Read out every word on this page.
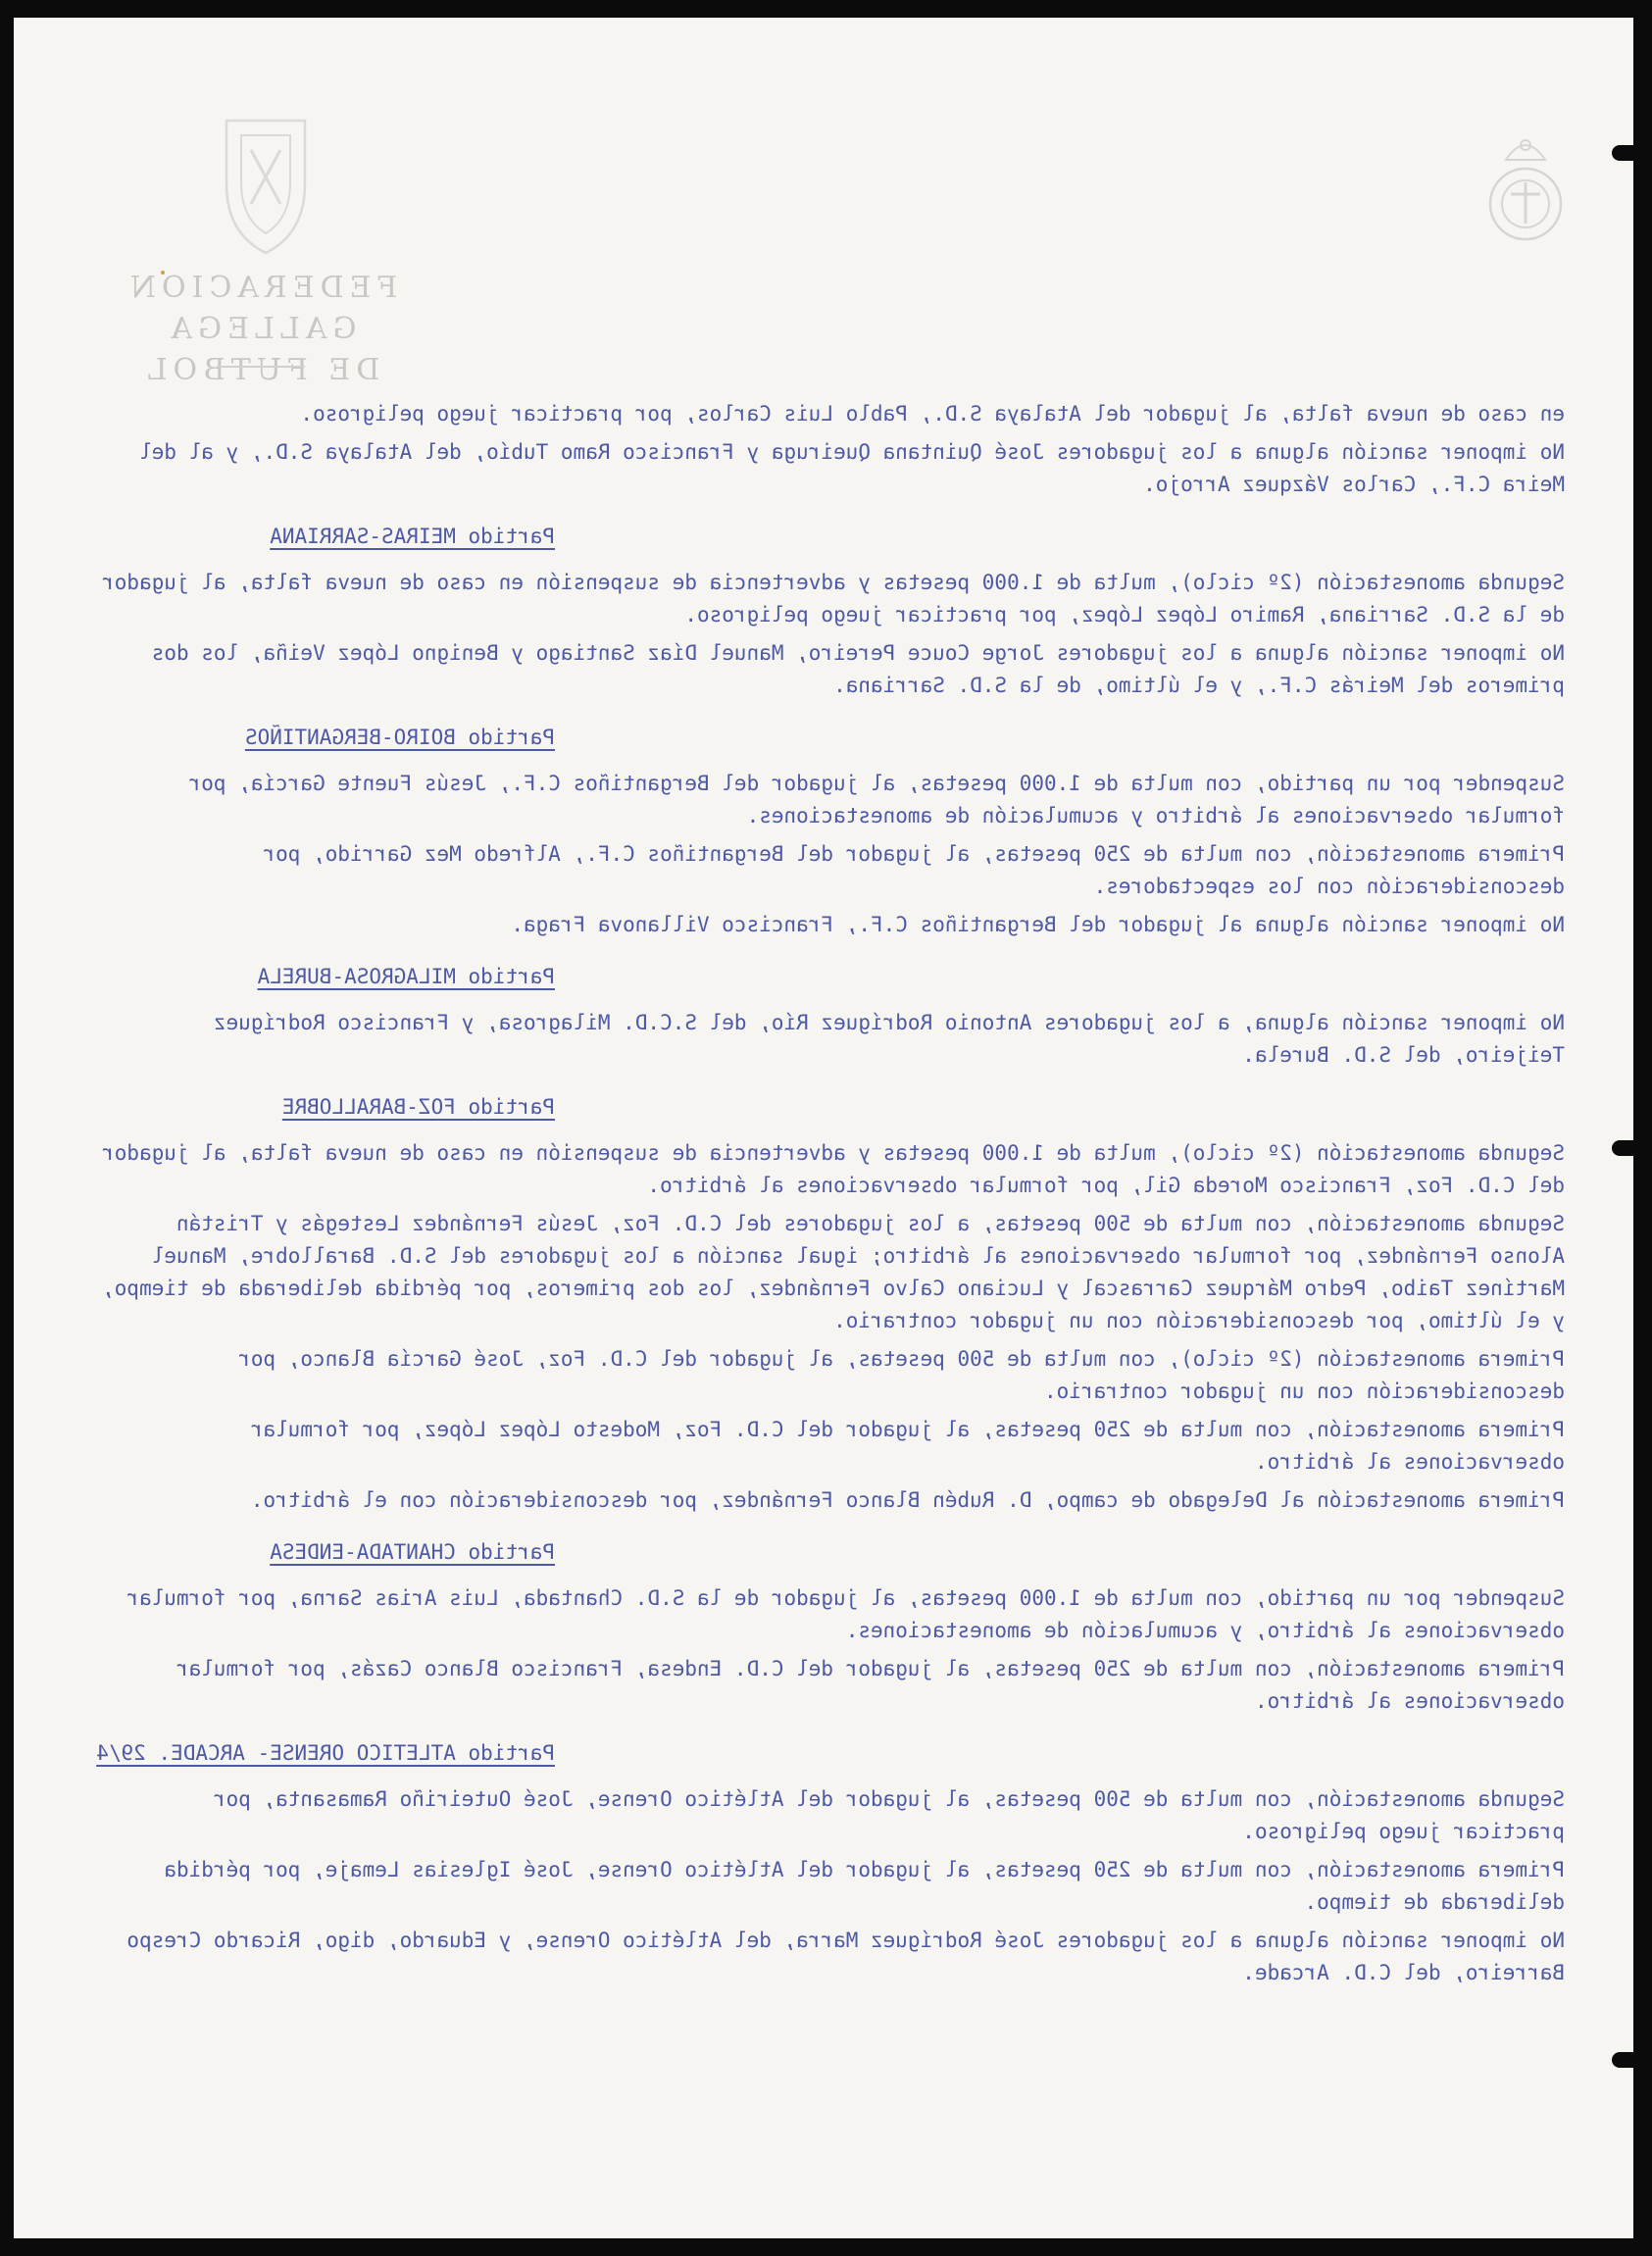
FEDERACION GALLEGA
DE FUTBOL
en caso de nueva falta, al jugador del Atalaya S.D., Pablo Luis Carlos, por practicar juego peligroso.
No imponer sanción alguna a los jugadores José Quintana Queiruga y Francisco Ramo Tubío, del Atalaya S.D., y al del Meira C.F., Carlos Vázquez Arrojo.
Partido MEIRAS-SARRIANA
Segunda amonestación (2º ciclo), multa de 1.000 pesetas y advertencia de suspensión en caso de nueva falta, al jugador de la S.D. Sarriana, Ramiro López López, por practicar juego peligroso.
No imponer sanción alguna a los jugadores Jorge Couce Pereiro, Manuel Díaz Santiago y Benigno López Veiña, los dos primeros del Meirás C.F., y el último, de la S.D. Sarriana.
Partido BOIRO-BERGANTIÑOS
Suspender por un partido, con multa de 1.000 pesetas, al jugador del Bergantiños C.F., Jesús Fuente García, por formular observaciones al árbitro y acumulación de amonestaciones.
Primera amonestación, con multa de 250 pesetas, al jugador del Bergantiños C.F., Alfredo Mez Garrido, por desconsideración con los espectadores.
No imponer sanción alguna al jugador del Bergantiños C.F., Francisco Villanova Fraga.
Partido MILAGROSA-BURELA
No imponer sanción alguna, a los jugadores Antonio Rodríguez Río, del S.C.D. Milagrosa, y Francisco Rodríguez Teijeiro, del S.D. Burela.
Partido FOZ-BARALLOBRE
Segunda amonestación (2º ciclo), multa de 1.000 pesetas y advertencia de suspensión en caso de nueva falta, al jugador del C.D. Foz, Francisco Moreda Gil, por formular observaciones al árbitro.
Segunda amonestación, con multa de 500 pesetas, a los jugadores del C.D. Foz, Jesús Fernández Lestegás y Tristán Alonso Fernández, por formular observaciones al árbitro; igual sanción a los jugadores del S.D. Barallobre, Manuel Martínez Taibo, Pedro Márquez Carrascal y Luciano Calvo Fernández, los dos primeros, por pérdida deliberada de tiempo, y el último, por desconsideración con un jugador contrario.
Primera amonestación (2º ciclo), con multa de 500 pesetas, al jugador del C.D. Foz, José García Blanco, por desconsideración con un jugador contrario.
Primera amonestación, con multa de 250 pesetas, al jugador del C.D. Foz, Modesto López López, por formular observaciones al árbitro.
Primera amonestación al Delegado de campo, D. Rubén Blanco Fernández, por desconsideración con el árbitro.
Partido CHANTADA-ENDESA
Suspender por un partido, con multa de 1.000 pesetas, al jugador de la S.D. Chantada, Luis Arias Sarna, por formular observaciones al árbitro, y acumulación de amonestaciones.
Primera amonestación, con multa de 250 pesetas, al jugador del C.D. Endesa, Francisco Blanco Cazás, por formular observaciones al árbitro.
Partido ATLETICO ORENSE- ARCADE. 29/4
Segunda amonestación, con multa de 500 pesetas, al jugador del Atlético Orense, José Outeiriño Ramasanta, por practicar juego peligroso.
Primera amonestación, con multa de 250 pesetas, al jugador del Atlético Orense, José Iglesias Lemaje, por pérdida deliberada de tiempo.
No imponer sanción alguna a los jugadores José Rodríguez Marra, del Atlético Orense, y Eduardo, digo, Ricardo Crespo Barreiro, del C.D. Arcade.
